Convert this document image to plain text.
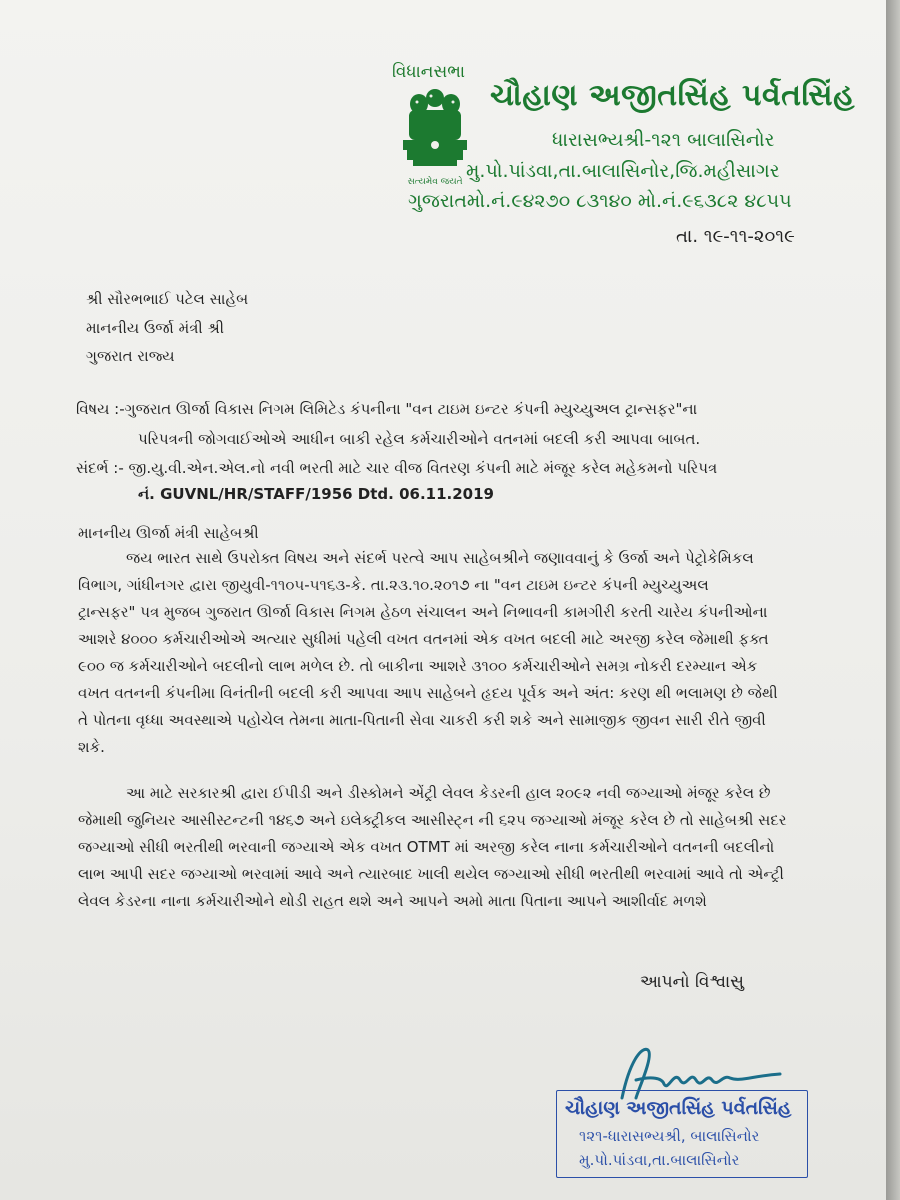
વિધાનસભા
સત્યમેવ જયતે
ચૌહાણ અજીતસિંહ પર્વતસિંહ
ધારાસભ્યશ્રી-૧૨૧ બાલાસિનોર
મુ.પો.પાંડવા,તા.બાલાસિનોર,જિ.મહીસાગર
ગુજરાતમો.નં.૯૪૨૭૦ ૮૩૧૪૦ મો.નં.૯૬૩૮૨ ૪૮૫૫
તા. ૧૯-૧૧-૨૦૧૯
શ્રી સૌરભભાઈ પટેલ સાહેબ
માનનીય ઉર્જા મંત્રી શ્રી
ગુજરાત રાજ્ય
વિષય :-ગુજરાત ઊર્જા વિકાસ નિગમ લિમિટેડ કંપનીના "વન ટાઇમ ઇન્ટર કંપની મ્યુચ્યુઅલ ટ્રાન્સફર"ના
પરિપત્રની જોગવાઈઓએ આધીન બાકી રહેલ કર્મચારીઓને વતનમાં બદલી કરી આપવા બાબત.
સંદર્ભ :- જી.યુ.વી.એન.એલ.નો નવી ભરતી માટે ચાર વીજ વિતરણ કંપની માટે મંજૂર કરેલ મહેકમનો પરિપત્ર
નં. GUVNL/HR/STAFF/1956 Dtd. 06.11.2019
માનનીય ઊર્જા મંત્રી સાહેબશ્રી
જય ભારત સાથે ઉપરોક્ત વિષય અને સંદર્ભ પરત્વે આપ સાહેબશ્રીને જણાવવાનું કે ઉર્જા અને પેટ્રોકેમિકલ
વિભાગ, ગાંધીનગર દ્વારા જીયુવી-૧૧૦૫-૫૧૬૩-કે. તા.૨૩.૧૦.૨૦૧૭ ના "વન ટાઇમ ઇન્ટર કંપની મ્યુચ્યુઅલ
ટ્રાન્સફર" પત્ર મુજબ ગુજરાત ઊર્જા વિકાસ નિગમ હેઠળ સંચાલન અને નિભાવની કામગીરી કરતી ચારેય કંપનીઓના
આશરે ૪૦૦૦ કર્મચારીઓએ અત્યાર સુધીમાં પહેલી વખત વતનમાં એક વખત બદલી માટે અરજી કરેલ જેમાથી ફક્ત
૯૦૦ જ કર્મચારીઓને બદલીનો લાભ મળેલ છે. તો બાકીના આશરે ૩૧૦૦ કર્મચારીઓને સમગ્ર નોકરી દરમ્યાન એક
વખત વતનની કંપનીમા વિનંતીની બદલી કરી આપવા આપ સાહેબને હૃદય પૂર્વક અને અંત: કરણ થી ભલામણ છે જેથી
તે પોતના વૃધ્ધા અવસ્થાએ પહોચેલ તેમના માતા-પિતાની સેવા ચાકરી કરી શકે અને સામાજીક જીવન સારી રીતે જીવી
શકે.
આ માટે સરકારશ્રી દ્વારા ઈપીડી અને ડીસ્કોમને એંટ્રી લેવલ કેડરની હાલ ૨૦૯૨ નવી જગ્યાઓ મંજૂર કરેલ છે
જેમાથી જુનિયર આસીસ્ટન્ટની ૧૪૬૭ અને ઇલેક્ટ્રીકલ આસીસ્ટ્ન ની ૬૨૫ જગ્યાઓ મંજૂર કરેલ છે તો સાહેબશ્રી સદર
જગ્યાઓ સીધી ભરતીથી ભરવાની જગ્યાએ એક વખત OTMT માં અરજી કરેલ નાના કર્મચારીઓને વતનની બદલીનો
લાભ આપી સદર જગ્યાઓ ભરવામાં આવે અને ત્યારબાદ ખાલી થયેલ જગ્યાઓ સીધી ભરતીથી ભરવામાં આવે તો એન્ટ્રી
લેવલ કેડરના નાના કર્મચારીઓને થોડી રાહત થશે અને આપને અમો માતા પિતાના આપને આશીર્વાદ મળશે
આપનો વિશ્વાસુ
ચૌહાણ અજીતસિંહ પર્વતસિંહ
૧૨૧-ધારાસભ્યશ્રી, બાલાસિનોર
મુ.પો.પાંડવા,તા.બાલાસિનોર
